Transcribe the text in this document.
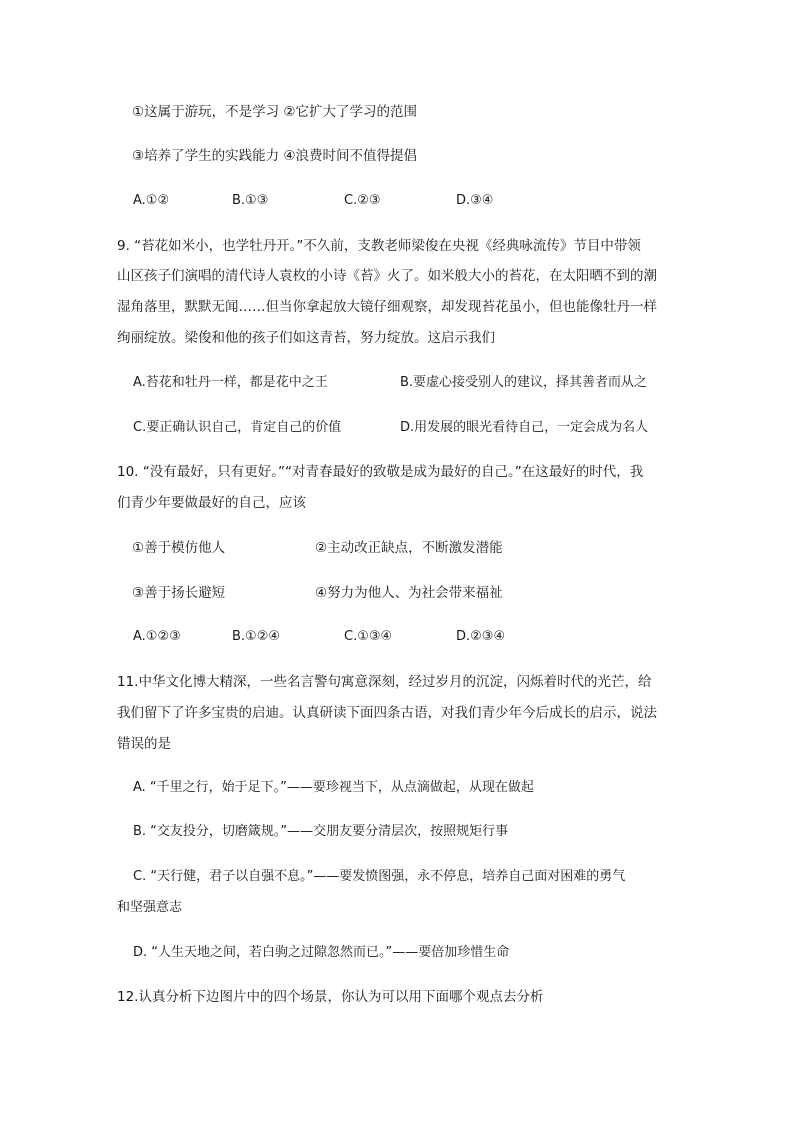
①这属于游玩，不是学习 ②它扩大了学习的范围
③培养了学生的实践能力 ④浪费时间不值得提倡
A.①②	B.①③	C.②③	D.③④
9. “苔花如米小，也学牡丹开。”不久前，支教老师梁俊在央视《经典咏流传》节目中带领
山区孩子们演唱的清代诗人袁枚的小诗《苔》火了。如米般大小的苔花，在太阳晒不到的潮
湿角落里，默默无闻……但当你拿起放大镜仔细观察，却发现苔花虽小，但也能像牡丹一样
绚丽绽放。梁俊和他的孩子们如这青苔，努力绽放。这启示我们
A.苔花和牡丹一样，都是花中之王	B.要虚心接受别人的建议，择其善者而从之
C.要正确认识自己，肯定自己的价值	D.用发展的眼光看待自己，一定会成为名人
10. “没有最好，只有更好。”“对青春最好的致敬是成为最好的自己。”在这最好的时代，我
们青少年要做最好的自己，应该
①善于模仿他人	②主动改正缺点，不断激发潜能
③善于扬长避短	④努力为他人、为社会带来福祉
A.①②③	B.①②④	C.①③④	D.②③④
11.中华文化博大精深，一些名言警句寓意深刻，经过岁月的沉淀，闪烁着时代的光芒，给
我们留下了许多宝贵的启迪。认真研读下面四条古语，对我们青少年今后成长的启示，说法
错误的是
A. “千里之行，始于足下。”——要珍视当下，从点滴做起，从现在做起
B. “交友投分，切磨箴规。”——交朋友要分清层次，按照规矩行事
C. “天行健，君子以自强不息。”——要发愤图强，永不停息，培养自己面对困难的勇气
和坚强意志
D. “人生天地之间，若白驹之过隙忽然而已。”——要倍加珍惜生命
12.认真分析下边图片中的四个场景，你认为可以用下面哪个观点去分析
